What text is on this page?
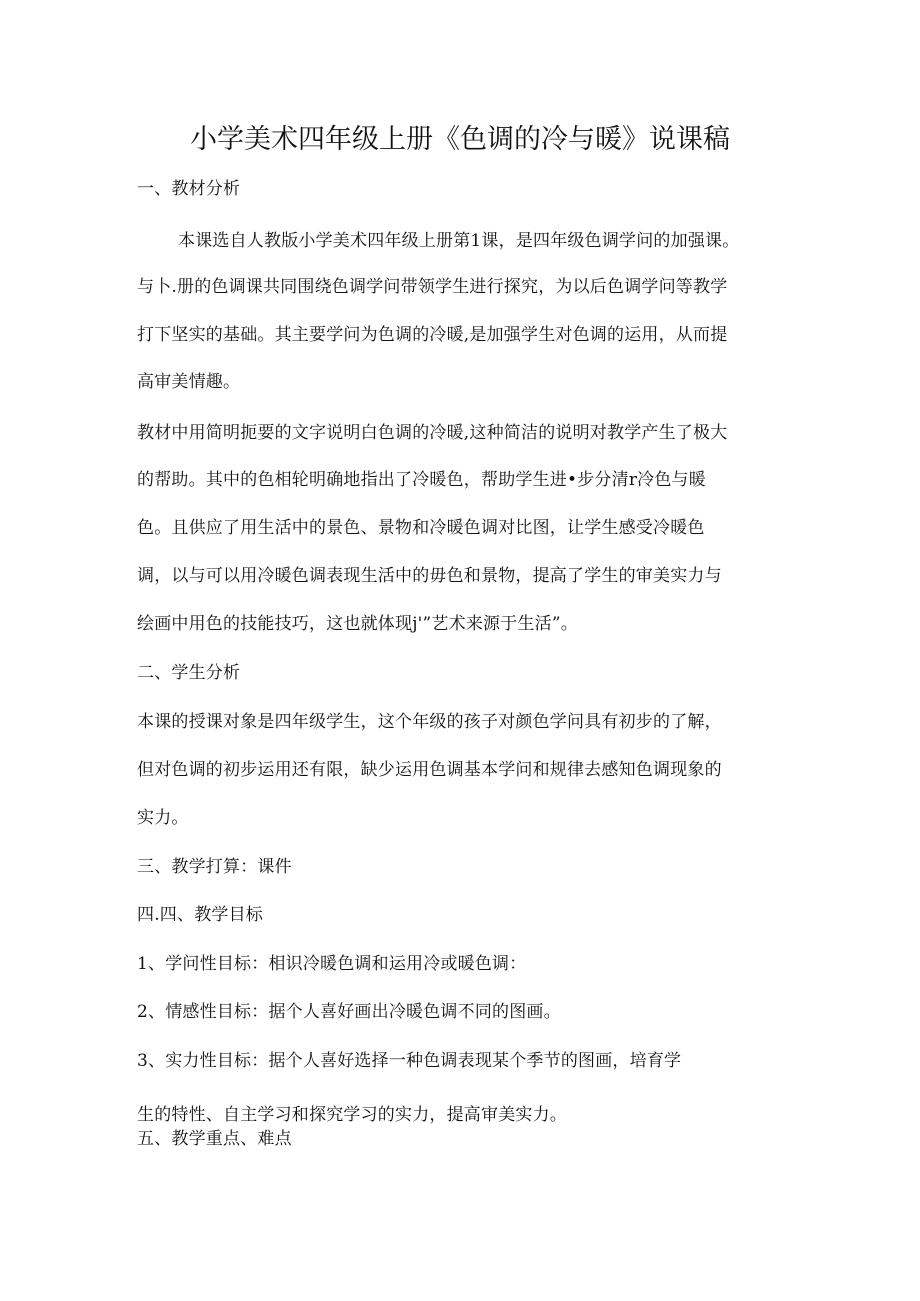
小学美术四年级上册《色调的冷与暖》说课稿
一、教材分析
本课选自人教版小学美术四年级上册第1课，是四年级色调学问的加强课。
与卜.册的色调课共同围绕色调学问带领学生进行探究，为以后色调学问等教学
打下坚实的基础。其主要学问为色调的冷暖,是加强学生对色调的运用，从而提
高审美情趣。
教材中用简明扼要的文字说明白色调的冷暖,这种简洁的说明对教学产生了极大
的帮助。其中的色相轮明确地指出了冷暖色，帮助学生进•步分清r冷色与暖
色。且供应了用生活中的景色、景物和冷暖色调对比图，让学生感受冷暖色
调，以与可以用冷暖色调表现生活中的毋色和景物，提高了学生的审美实力与
绘画中用色的技能技巧，这也就体现j'”艺术来源于生活”。
二、学生分析
本课的授课对象是四年级学生，这个年级的孩子对颜色学问具有初步的了解，
但对色调的初步运用还有限，缺少运用色调基本学问和规律去感知色调现象的
实力。
三、教学打算：课件
四.四、教学目标
1、学问性目标：相识冷暖色调和运用冷或暖色调：
2、情感性目标：据个人喜好画出冷暖色调不同的图画。
3、实力性目标：据个人喜好选择一种色调表现某个季节的图画，培育学
生的特性、自主学习和探究学习的实力，提高审美实力。
五、教学重点、难点
